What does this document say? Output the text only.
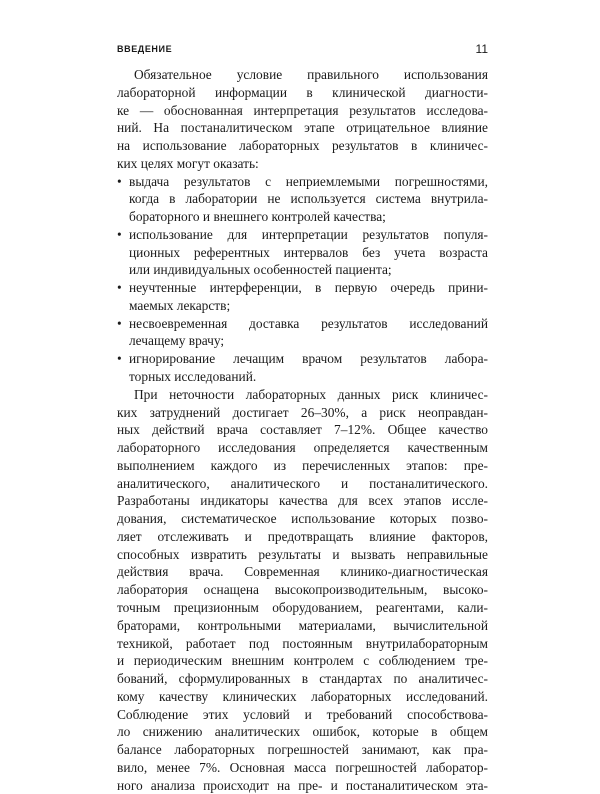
ВВЕДЕНИЕ	11
Обязательное условие правильного использования
лабораторной информации в клинической диагности-
ке — обоснованная интерпретация результатов исследова-
ний. На постаналитическом этапе отрицательное влияние
на использование лабораторных результатов в клиничес-
ких целях могут оказать:
• выдача результатов с неприемлемыми погрешностями,
когда в лаборатории не используется система внутрила-
бораторного и внешнего контролей качества;
• использование для интерпретации результатов популя-
ционных референтных интервалов без учета возраста
или индивидуальных особенностей пациента;
• неучтенные интерференции, в первую очередь прини-
маемых лекарств;
• несвоевременная доставка результатов исследований
лечащему врачу;
• игнорирование лечащим врачом результатов лабора-
торных исследований.
При неточности лабораторных данных риск клиничес-
ких затруднений достигает 26–30%, а риск неоправдан-
ных действий врача составляет 7–12%. Общее качество
лабораторного исследования определяется качественным
выполнением каждого из перечисленных этапов: пре-
аналитического, аналитического и постаналитического.
Разработаны индикаторы качества для всех этапов иссле-
дования, систематическое использование которых позво-
ляет отслеживать и предотвращать влияние факторов,
способных извратить результаты и вызвать неправильные
действия врача. Современная клинико-диагностическая
лаборатория оснащена высокопроизводительным, высоко-
точным прецизионным оборудованием, реагентами, кали-
браторами, контрольными материалами, вычислительной
техникой, работает под постоянным внутрилабораторным
и периодическим внешним контролем с соблюдением тре-
бований, сформулированных в стандартах по аналитичес-
кому качеству клинических лабораторных исследований.
Соблюдение этих условий и требований способствова-
ло снижению аналитических ошибок, которые в общем
балансе лабораторных погрешностей занимают, как пра-
вило, менее 7%. Основная масса погрешностей лаборатор-
ного анализа происходит на пре- и постаналитическом эта-
